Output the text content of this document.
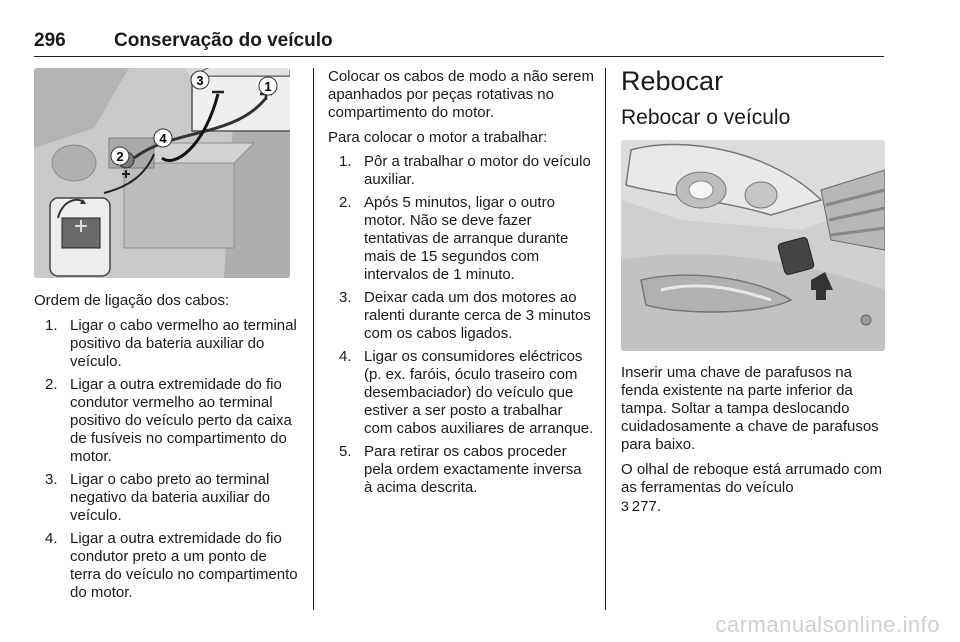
296	Conservação do veículo
1
2
3
4

Ordem de ligação dos cabos:

1. Ligar o cabo vermelho ao terminal positivo da bateria auxiliar do veículo.
2. Ligar a outra extremidade do fio condutor vermelho ao terminal positivo do veículo perto da caixa de fusíveis no compartimento do motor.
3. Ligar o cabo preto ao terminal negativo da bateria auxiliar do veículo.
4. Ligar a outra extremidade do fio condutor preto a um ponto de terra do veículo no compartimento do motor.

Colocar os cabos de modo a não serem apanhados por peças rotativas no compartimento do motor.

Para colocar o motor a trabalhar:

1. Pôr a trabalhar o motor do veículo auxiliar.
2. Após 5 minutos, ligar o outro motor. Não se deve fazer tentativas de arranque durante mais de 15 segundos com intervalos de 1 minuto.
3. Deixar cada um dos motores ao ralenti durante cerca de 3 minutos com os cabos ligados.
4. Ligar os consumidores eléctricos (p. ex. faróis, óculo traseiro com desembaciador) do veículo que estiver a ser posto a trabalhar com cabos auxiliares de arranque.
5. Para retirar os cabos proceder pela ordem exactamente inversa à acima descrita.
Rebocar
Rebocar o veículo

Inserir uma chave de parafusos na fenda existente na parte inferior da tampa. Soltar a tampa deslocando cuidadosamente a chave de parafusos para baixo.

O olhal de reboque está arrumado com as ferramentas do veículo
3 277.

carmanualsonline.info
